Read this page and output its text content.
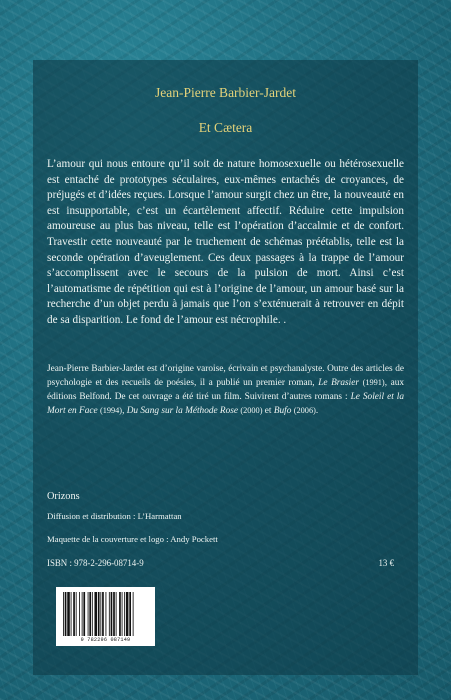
Jean-Pierre Barbier-Jardet
Et Cætera

L’amour qui nous entoure qu’il soit de nature homosexuelle ou hétérosexuelle est entaché de prototypes séculaires, eux-mêmes entachés de croyances, de préjugés et d’idées reçues. Lorsque l’amour surgit chez un être, la nouveauté en est insupportable, c’est un écartèlement affectif. Réduire cette impulsion amoureuse au plus bas niveau, telle est l’opération d’accalmie et de confort. Travestir cette nouveauté par le truchement de schémas préétablis, telle est la seconde opération d’aveuglement. Ces deux passages à la trappe de l’amour s’accomplissent avec le secours de la pulsion de mort. Ainsi c’est l’automatisme de répétition qui est à l’origine de l’amour, un amour basé sur la recherche d’un objet perdu à jamais que l’on s’exténuerait à retrouver en dépit de sa disparition. Le fond de l’amour est nécrophile. .

Jean-Pierre Barbier-Jardet est d’origine varoise, écrivain et psychanalyste. Outre des articles de psychologie et des recueils de poésies, il a publié un premier roman, Le Brasier (1991), aux éditions Belfond. De cet ouvrage a été tiré un film. Suivirent d’autres romans : Le Soleil et la Mort en Face (1994), Du Sang sur la Méthode Rose (2000) et Bufo (2006).

Orizons
Diffusion et distribution : L’Harmattan
Maquette de la couverture et logo : Andy Pockett
ISBN : 978-2-296-08714-9	13 €
9 782296 087149
